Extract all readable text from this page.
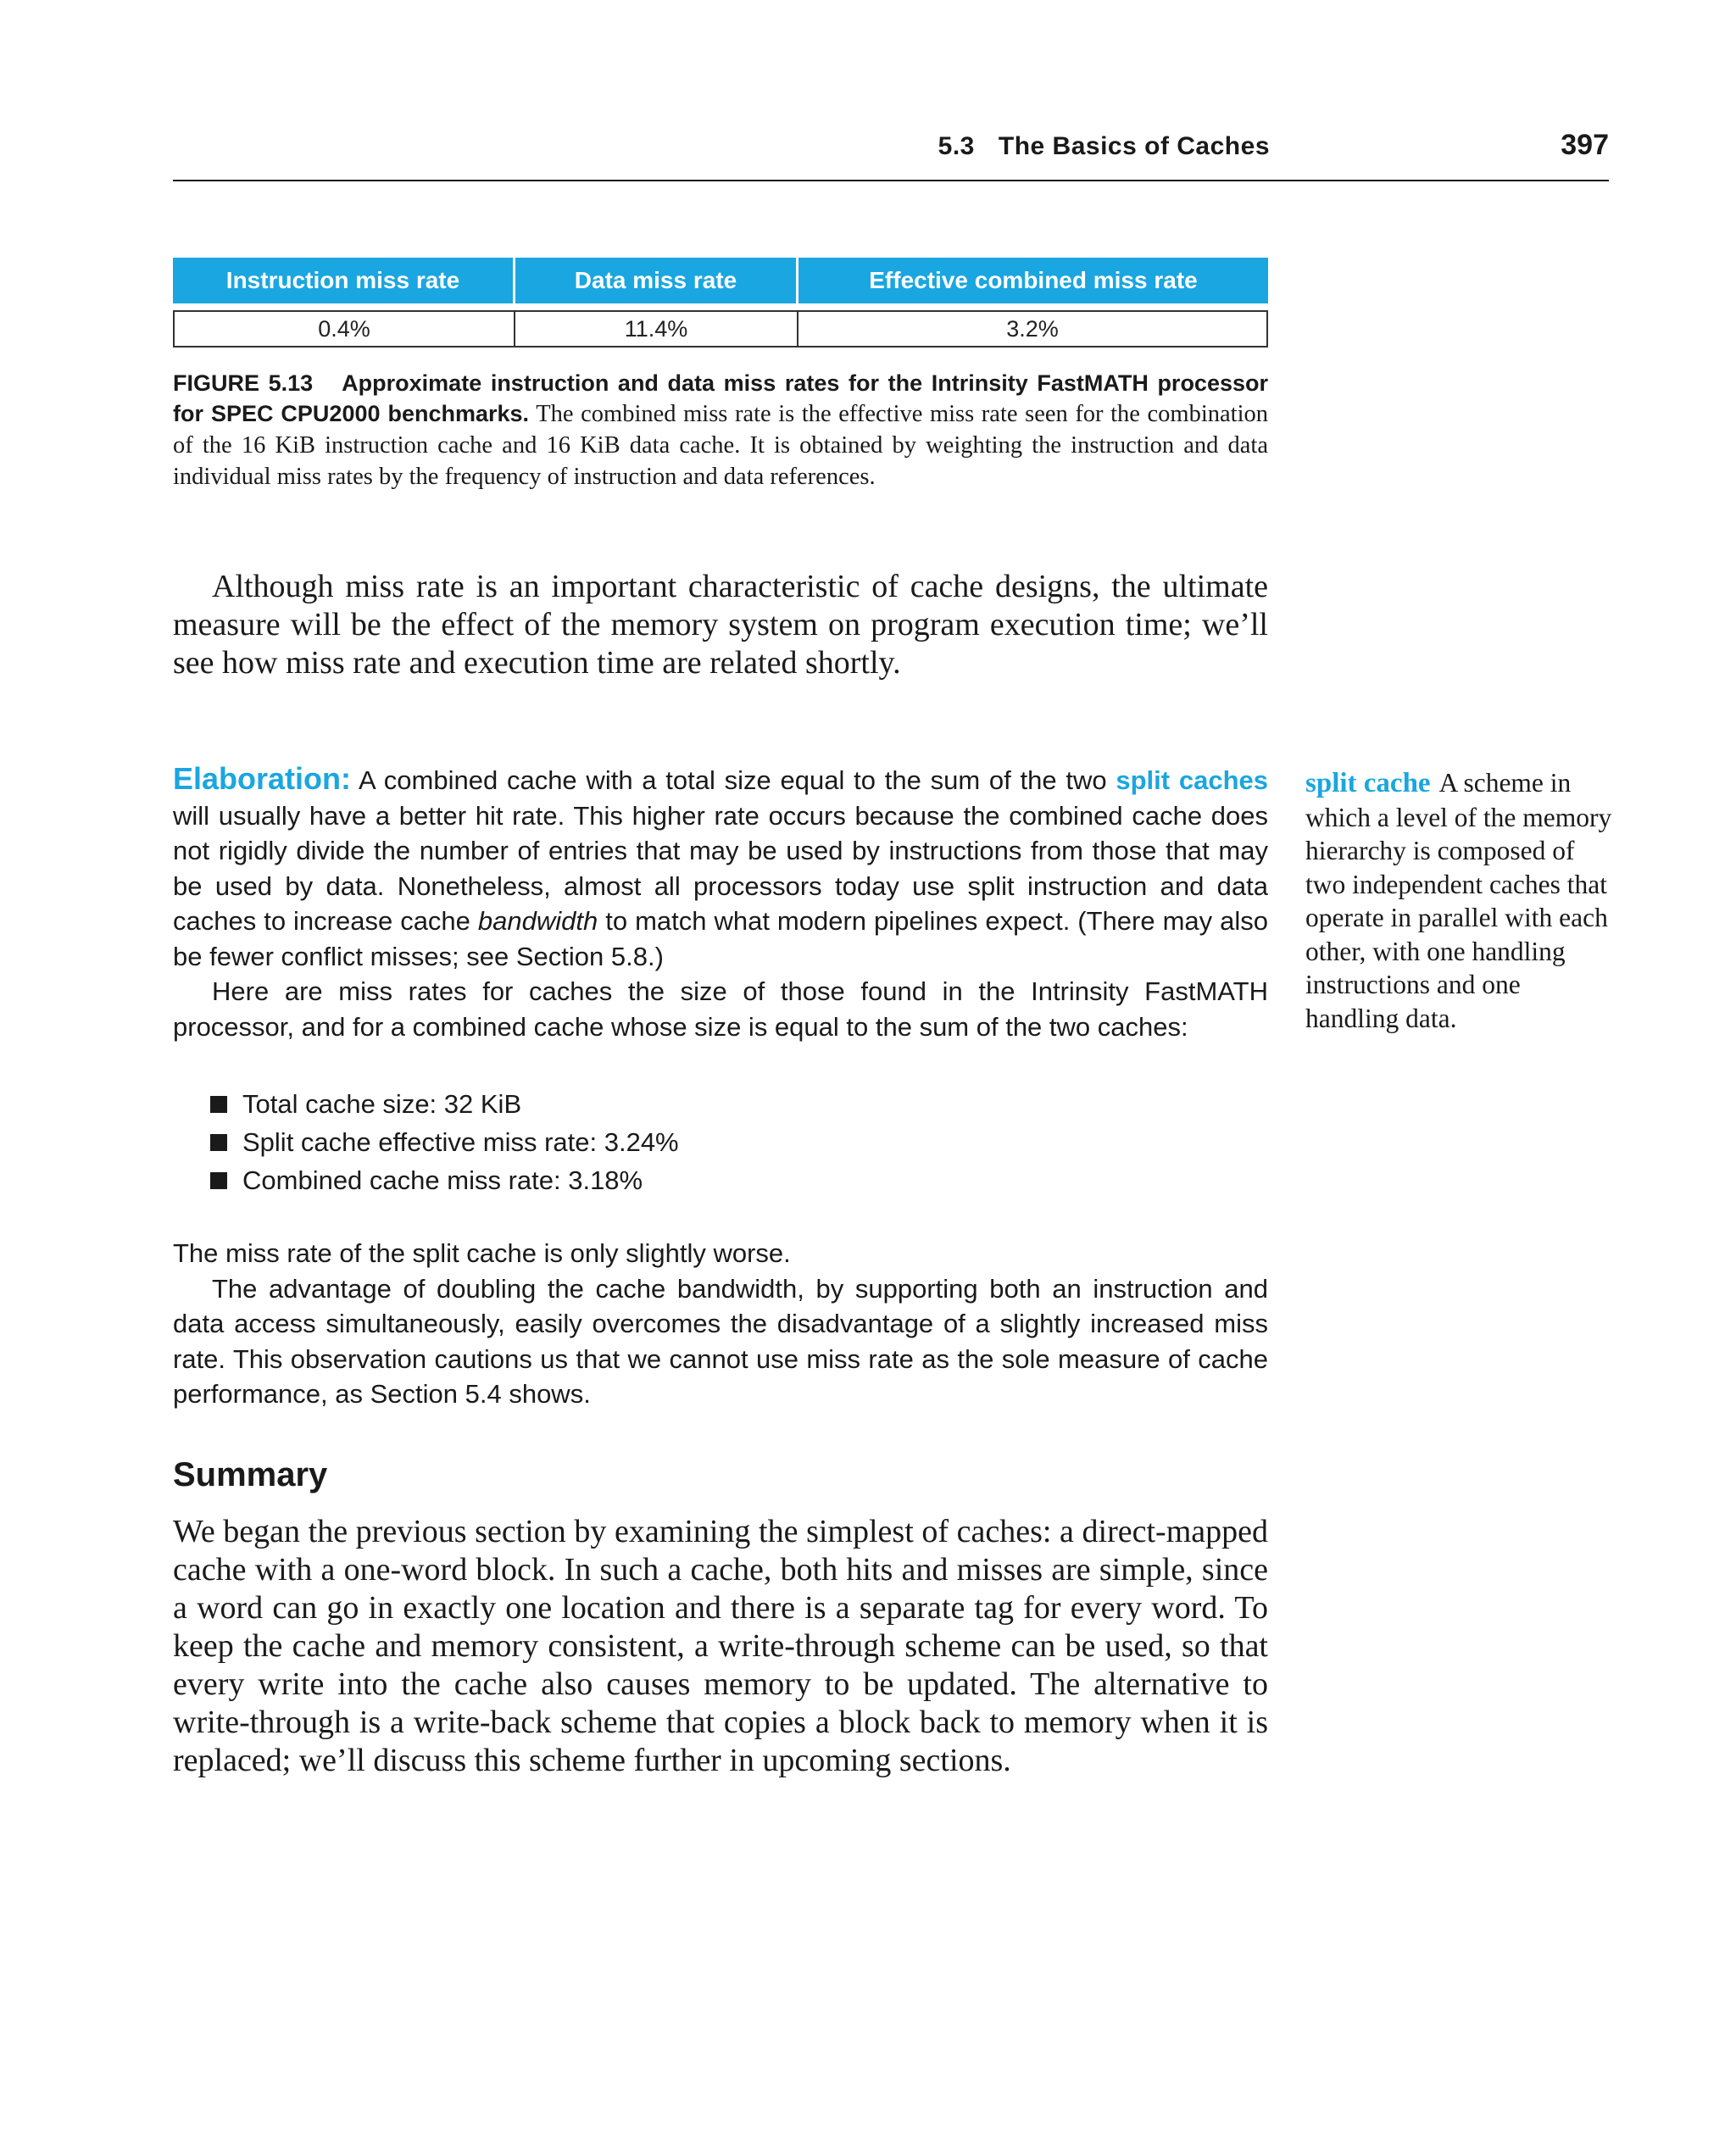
5.3 The Basics of Caches	397
Instruction miss rate	Data miss rate	Effective combined miss rate

0.4%	11.4%	3.2%
FIGURE 5.13 Approximate instruction and data miss rates for the Intrinsity FastMATH processor for SPEC CPU2000 benchmarks. The combined miss rate is the effective miss rate seen for the combination of the 16 KiB instruction cache and 16 KiB data cache. It is obtained by weighting the instruction and data individual miss rates by the frequency of instruction and data references.

Although miss rate is an important characteristic of cache designs, the ultimate measure will be the effect of the memory system on program execution time; we’ll see how miss rate and execution time are related shortly.

Elaboration: A combined cache with a total size equal to the sum of the two split caches will usually have a better hit rate. This higher rate occurs because the combined cache does not rigidly divide the number of entries that may be used by instructions from those that may be used by data. Nonetheless, almost all processors today use split instruction and data caches to increase cache bandwidth to match what modern pipelines expect. (There may also be fewer conflict misses; see Section 5.8.)

Here are miss rates for caches the size of those found in the Intrinsity FastMATH processor, and for a combined cache whose size is equal to the sum of the two caches:

Total cache size: 32 KiB
Split cache effective miss rate: 3.24%
Combined cache miss rate: 3.18%

The miss rate of the split cache is only slightly worse.

The advantage of doubling the cache bandwidth, by supporting both an instruction and data access simultaneously, easily overcomes the disadvantage of a slightly increased miss rate. This observation cautions us that we cannot use miss rate as the sole measure of cache performance, as Section 5.4 shows.

Summary

We began the previous section by examining the simplest of caches: a direct-mapped cache with a one-word block. In such a cache, both hits and misses are simple, since a word can go in exactly one location and there is a separate tag for every word. To keep the cache and memory consistent, a write-through scheme can be used, so that every write into the cache also causes memory to be updated. The alternative to write-through is a write-back scheme that copies a block back to memory when it is replaced; we’ll discuss this scheme further in upcoming sections.

split cache A scheme in which a level of the memory hierarchy is composed of two independent caches that operate in parallel with each other, with one handling instructions and one handling data.
